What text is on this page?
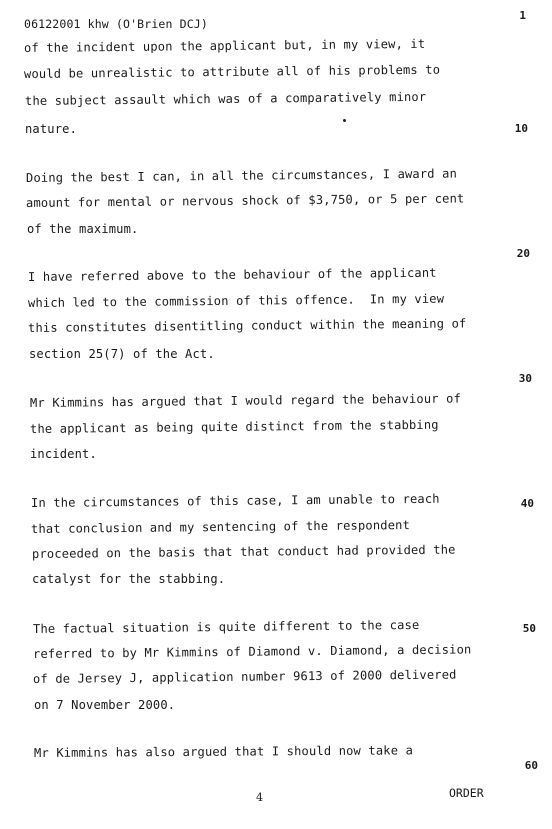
06122001 khw (O'Brien DCJ)
1
10
20
30
40
50
60
of the incident upon the applicant but, in my view, it
would be unrealistic to attribute all of his problems to
the subject assault which was of a comparatively minor
nature.
Doing the best I can, in all the circumstances, I award an
amount for mental or nervous shock of $3,750, or 5 per cent
of the maximum.
I have referred above to the behaviour of the applicant
which led to the commission of this offence.  In my view
this constitutes disentitling conduct within the meaning of
section 25(7) of the Act.
Mr Kimmins has argued that I would regard the behaviour of
the applicant as being quite distinct from the stabbing
incident.
In the circumstances of this case, I am unable to reach
that conclusion and my sentencing of the respondent
proceeded on the basis that that conduct had provided the
catalyst for the stabbing.
The factual situation is quite different to the case
referred to by Mr Kimmins of Diamond v. Diamond, a decision
of de Jersey J, application number 9613 of 2000 delivered
on 7 November 2000.
Mr Kimmins has also argued that I should now take a
4	ORDER
